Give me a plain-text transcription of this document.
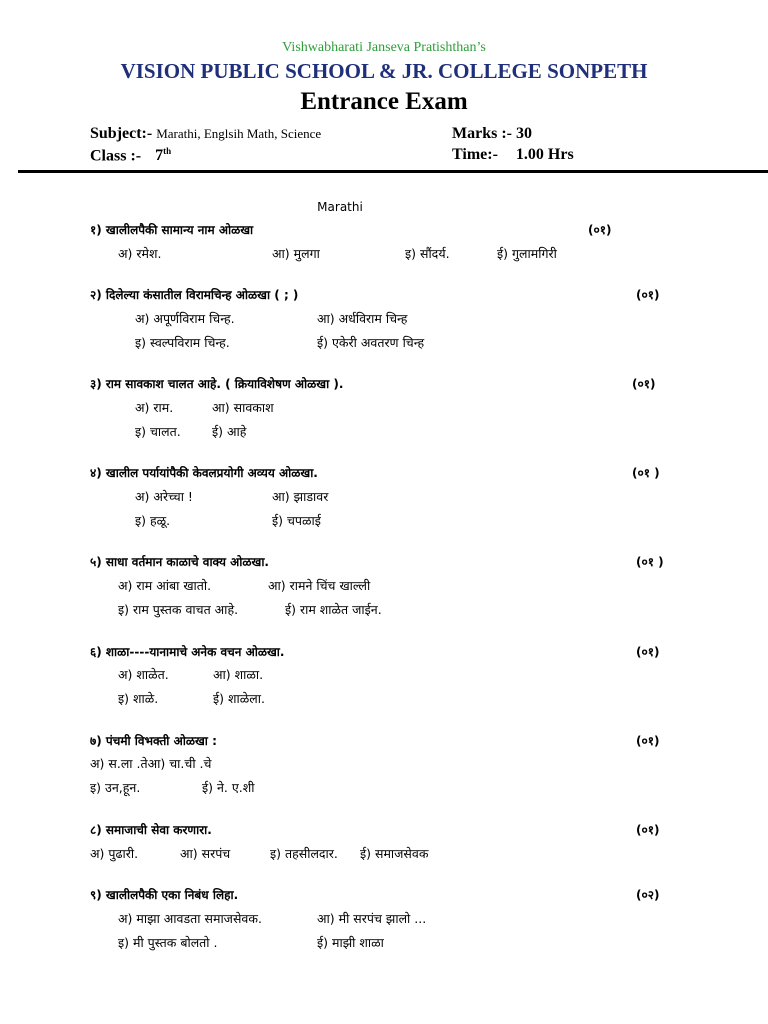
Vishwabharati Janseva Pratishthan’s
VISION PUBLIC SCHOOL & JR. COLLEGE SONPETH
Entrance Exam
Subject:- Marathi, Englsih Math, Science
Class :- 7th
Marks :- 30
Time:- 1.00 Hrs
Marathi
१) खालीलपैकी सामान्य नाम ओळखा	(०१)
अ) रमेश.	आ) मुलगा	इ) सौंदर्य.	ई) गुलामगिरी
२) दिलेल्या कंसातील विरामचिन्ह ओळखा ( ; )	(०१)
अ) अपूर्णविराम चिन्ह.	आ) अर्धविराम चिन्ह
इ) स्वल्पविराम चिन्ह.	ई) एकेरी अवतरण चिन्ह
३) राम सावकाश चालत आहे. ( क्रियाविशेषण ओळखा ).	(०१)
अ) राम.	आ) सावकाश
इ) चालत.	ई) आहे
४) खालील पर्यायांपैकी केवलप्रयोगी अव्यय ओळखा.	(०१ )
अ) अरेच्चा !	आ) झाडावर
इ) हळू.	ई) चपळाई
५) साधा वर्तमान काळाचे वाक्य ओळखा.	(०१ )
अ) राम आंबा खातो.	आ) रामने चिंच खाल्ली
इ) राम पुस्तक वाचत आहे.	ई) राम शाळेत जाईन.
६) शाळा----यानामाचे अनेक वचन ओळखा.	(०१)
अ) शाळेत.	आ) शाळा.
इ) शाळे.	ई) शाळेला.
७) पंचमी विभक्ती ओळखा :	(०१)
अ) स.ला .तेआ) चा.ची .चे
इ) उन,हून.	ई) ने. ए.शी
८) समाजाची सेवा करणारा.	(०१)
अ) पुढारी.	आ) सरपंच	इ) तहसीलदार. ई) समाजसेवक
९) खालीलपैकी एका निबंध लिहा.	(०२)
अ) माझा आवडता समाजसेवक.	आ) मी सरपंच झालो ...
इ) मी पुस्तक बोलतो .	ई) माझी शाळा
